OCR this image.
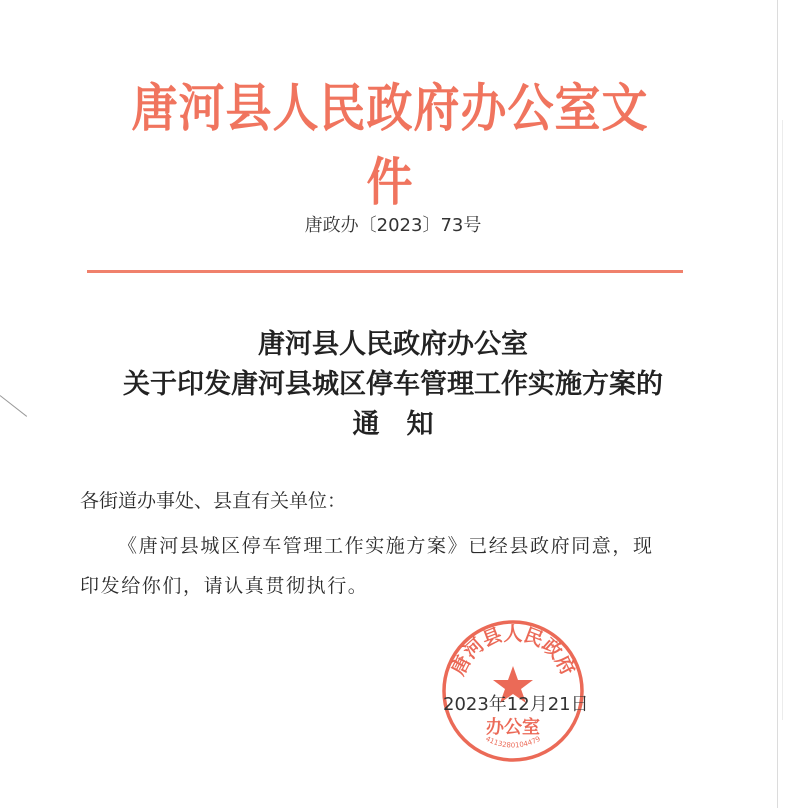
唐河县人民政府办公室文件
唐政办〔2023〕73号
唐河县人民政府办公室
关于印发唐河县城区停车管理工作实施方案的
通　知
各街道办事处、县直有关单位：
《唐河县城区停车管理工作实施方案》已经县政府同意，现
印发给你们，请认真贯彻执行。
唐河县人民政府
办公室
4113280104479
2023年12月21日
